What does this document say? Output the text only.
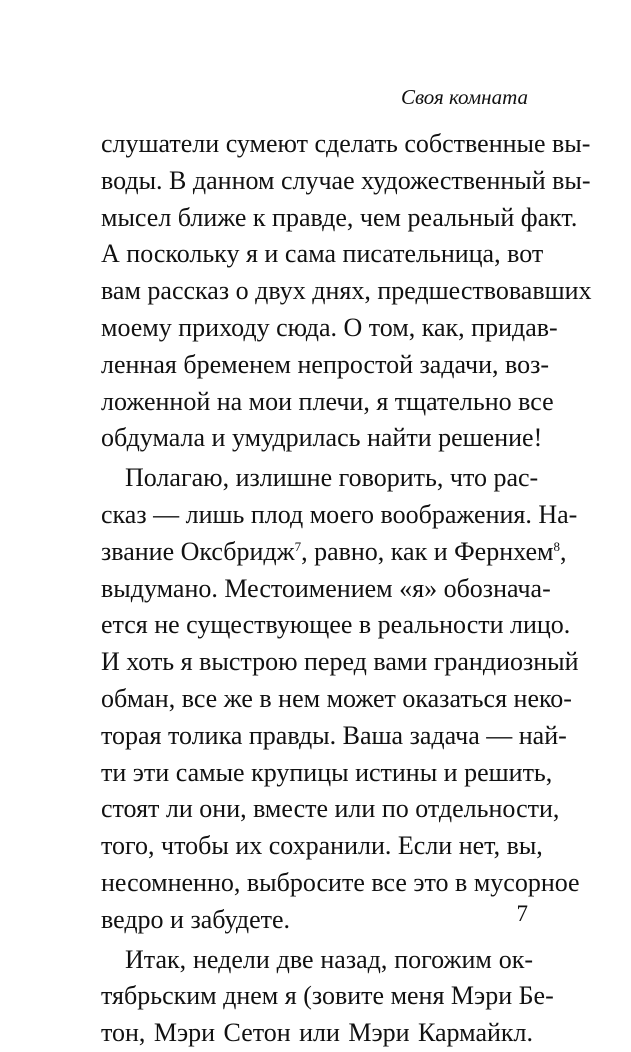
Своя комната
слушатели сумеют сделать собственные вы-
воды. В данном случае художественный вы-
мысел ближе к правде, чем реальный факт.
А поскольку я и сама писательница, вот
вам рассказ о двух днях, предшествовавших
моему приходу сюда. О том, как, придав-
ленная бременем непростой задачи, воз-
ложенной на мои плечи, я тщательно все
обдумала и умудрилась найти решение!
Полагаю, излишне говорить, что рас-
сказ — лишь плод моего воображения. На-
звание Оксбридж$^7$, равно, как и Фернхем$^8$,
выдумано. Местоимением «я» обознача-
ется не существующее в реальности лицо.
И хоть я выстрою перед вами грандиозный
обман, все же в нем может оказаться неко-
торая толика правды. Ваша задача — най-
ти эти самые крупицы истины и решить,
стоят ли они, вместе или по отдельности,
того, чтобы их сохранили. Если нет, вы,
несомненно, выбросите все это в мусорное
ведро и забудете.
Итак, недели две назад, погожим ок-
тябрьским днем я (зовите меня Мэри Бе-
тон, Мэри Сетон или Мэри Кармайкл.
7
